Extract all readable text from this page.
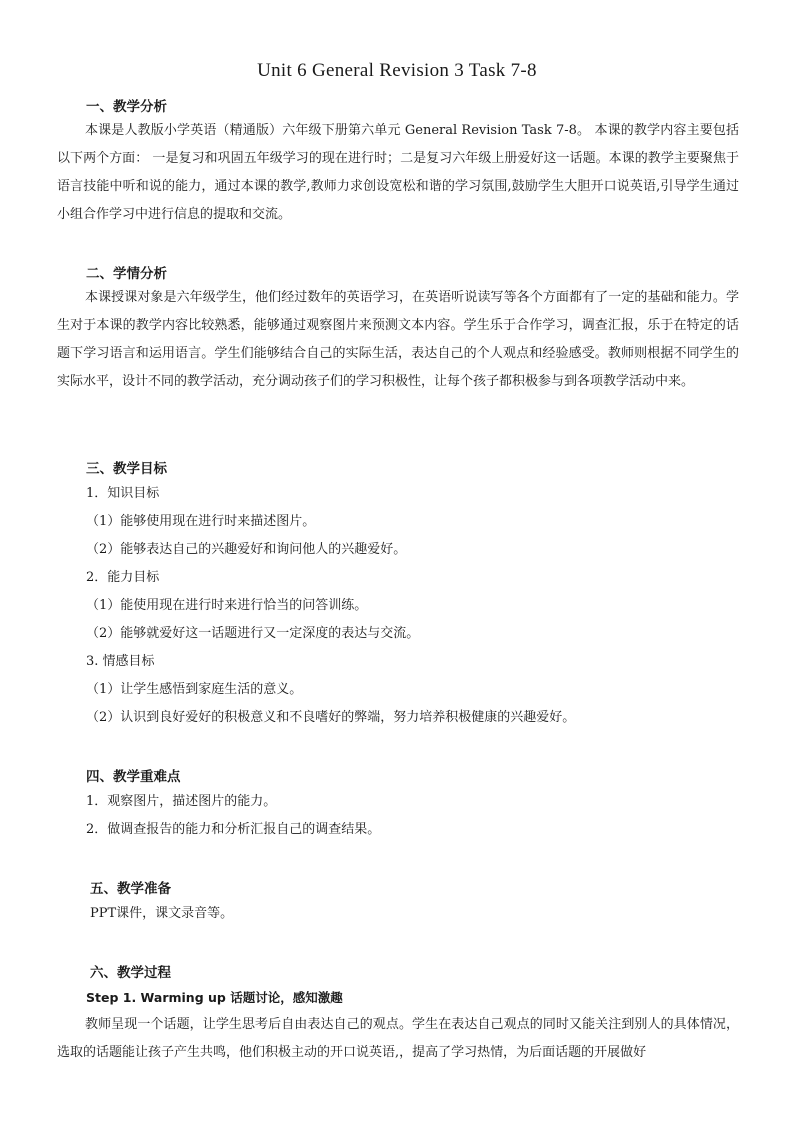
Unit 6 General Revision 3 Task 7-8
一、教学分析
本课是人教版小学英语（精通版）六年级下册第六单元 General Revision Task 7-8。 本课的教学内容主要包括以下两个方面： 一是复习和巩固五年级学习的现在进行时；二是复习六年级上册爱好这一话题。本课的教学主要聚焦于语言技能中听和说的能力，通过本课的教学,教师力求创设宽松和谐的学习氛围,鼓励学生大胆开口说英语,引导学生通过小组合作学习中进行信息的提取和交流。
二、学情分析
本课授课对象是六年级学生，他们经过数年的英语学习，在英语听说读写等各个方面都有了一定的基础和能力。学生对于本课的教学内容比较熟悉，能够通过观察图片来预测文本内容。学生乐于合作学习，调查汇报，乐于在特定的话题下学习语言和运用语言。学生们能够结合自己的实际生活，表达自己的个人观点和经验感受。教师则根据不同学生的实际水平，设计不同的教学活动，充分调动孩子们的学习积极性，让每个孩子都积极参与到各项教学活动中来。
三、教学目标
1．知识目标
（1）能够使用现在进行时来描述图片。
（2）能够表达自己的兴趣爱好和询问他人的兴趣爱好。
2．能力目标
（1）能使用现在进行时来进行恰当的问答训练。
（2）能够就爱好这一话题进行又一定深度的表达与交流。
3. 情感目标
（1）让学生感悟到家庭生活的意义。
（2）认识到良好爱好的积极意义和不良嗜好的弊端，努力培养积极健康的兴趣爱好。
四、教学重难点
1．观察图片，描述图片的能力。
2．做调查报告的能力和分析汇报自己的调查结果。
五、教学准备
PPT课件，课文录音等。
六、教学过程
Step 1. Warming up 话题讨论，感知激趣
教师呈现一个话题，让学生思考后自由表达自己的观点。学生在表达自己观点的同时又能关注到别人的具体情况，选取的话题能让孩子产生共鸣，他们积极主动的开口说英语,，提高了学习热情，为后面话题的开展做好
